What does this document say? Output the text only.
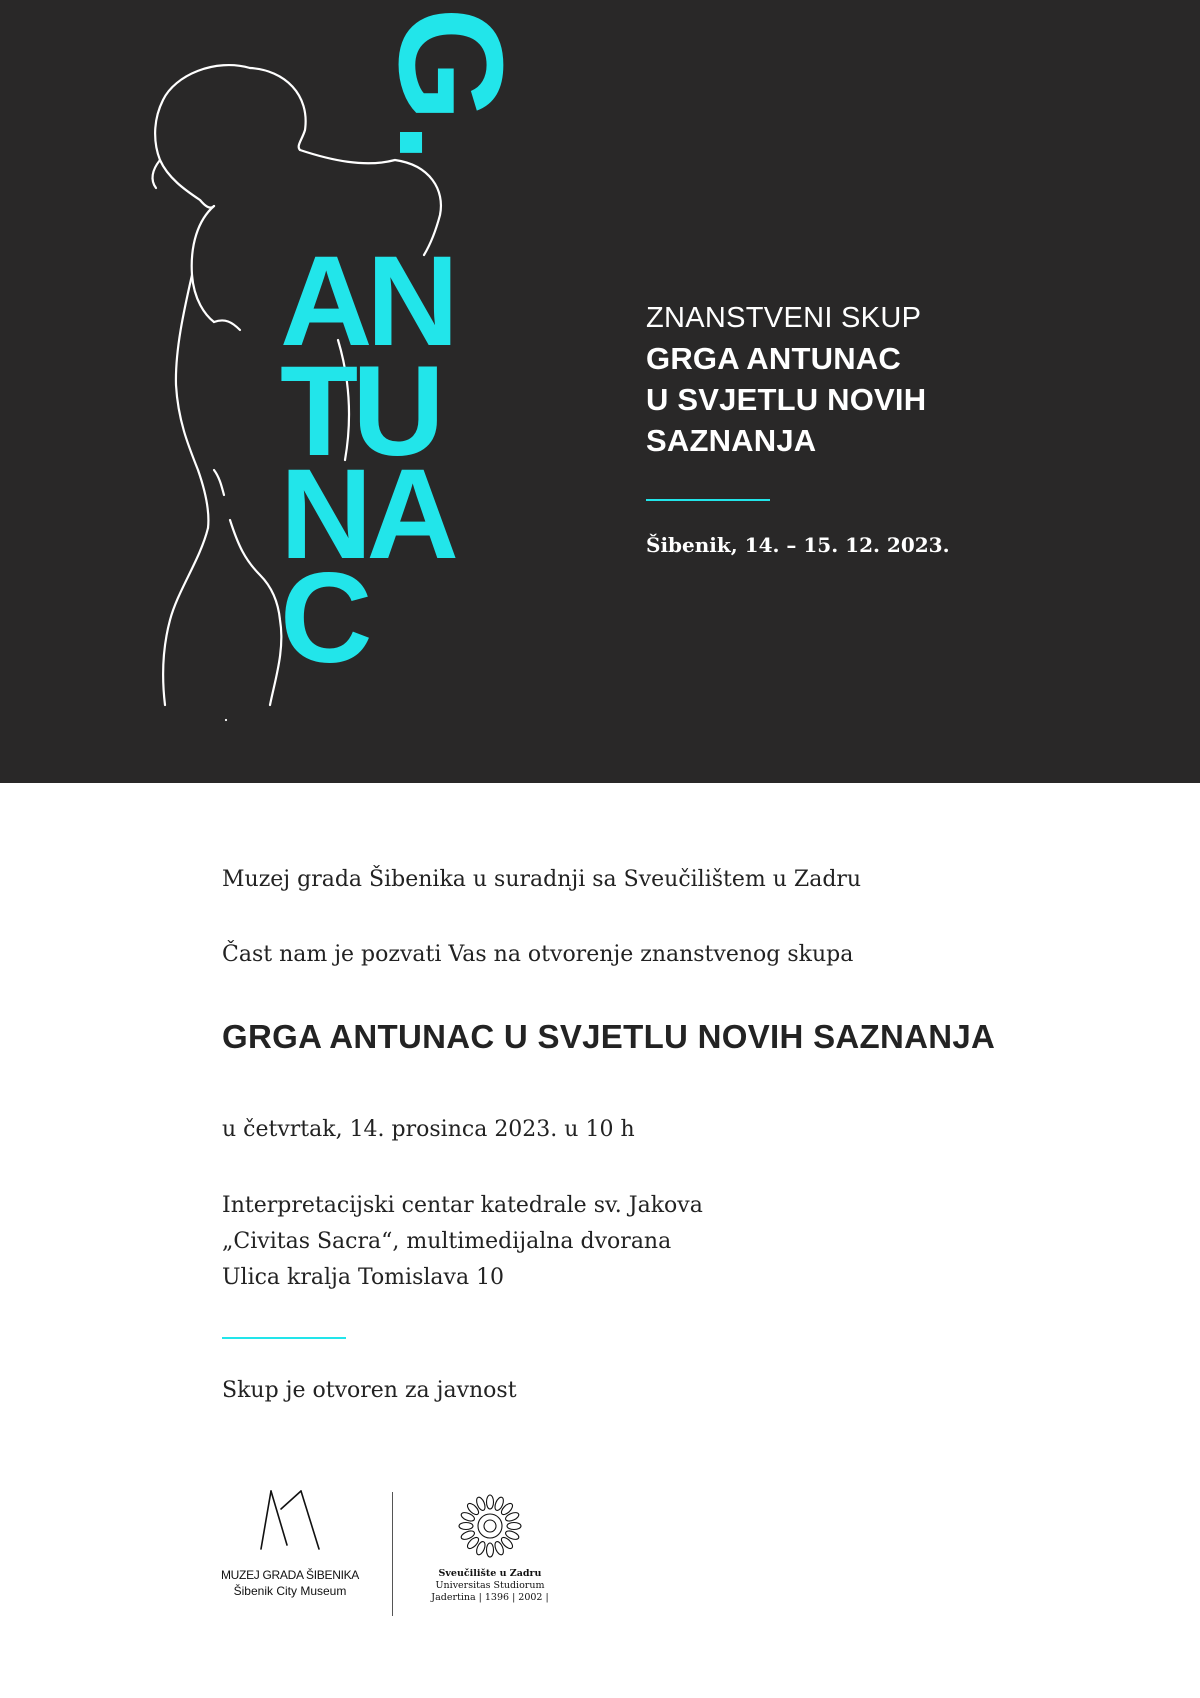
G.
AN
TU
NA
C
ZNANSTVENI SKUP
GRGA ANTUNAC
U SVJETLU NOVIH
SAZNANJA
Šibenik, 14. – 15. 12. 2023.

Muzej grada Šibenika u suradnji sa Sveučilištem u Zadru

Čast nam je pozvati Vas na otvorenje znanstvenog skupa

GRGA ANTUNAC U SVJETLU NOVIH SAZNANJA

u četvrtak, 14. prosinca 2023. u 10 h

Interpretacijski centar katedrale sv. Jakova
„Civitas Sacra“, multimedijalna dvorana
Ulica kralja Tomislava 10

Skup je otvoren za javnost

MUZEJ GRADA ŠIBENIKA
Šibenik City Museum
Sveučilište u Zadru
Universitas Studiorum
Jadertina | 1396 | 2002 |
